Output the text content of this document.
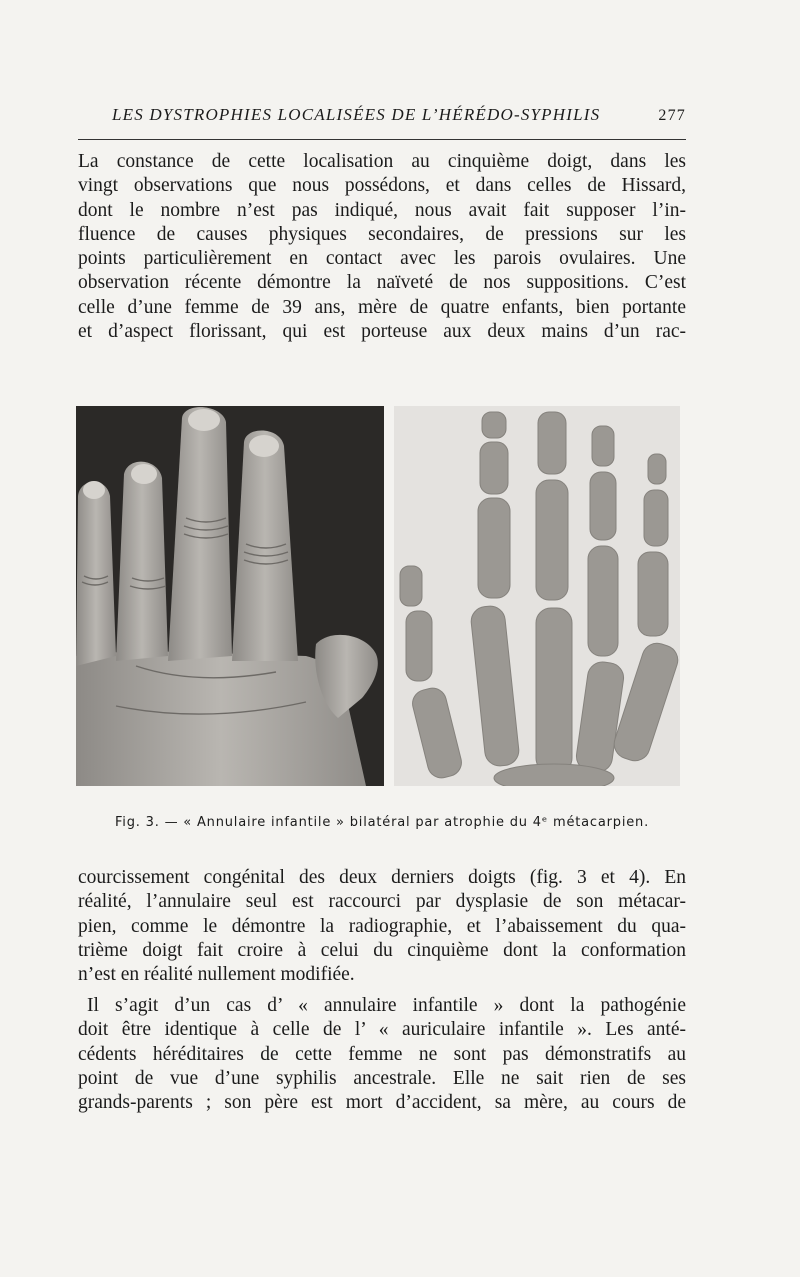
LES DYSTROPHIES LOCALISÉES DE L’HÉRÉDO-SYPHILIS	277
La constance de cette localisation au cinquième doigt, dans les
vingt observations que nous possédons, et dans celles de Hissard,
dont le nombre n’est pas indiqué, nous avait fait supposer l’in-
fluence de causes physiques secondaires, de pressions sur les
points particulièrement en contact avec les parois ovulaires. Une
observation récente démontre la naïveté de nos suppositions. C’est
celle d’une femme de 39 ans, mère de quatre enfants, bien portante
et d’aspect florissant, qui est porteuse aux deux mains d’un rac-
Fig. 3. — « Annulaire infantile » bilatéral par atrophie du 4ᵉ métacarpien.
courcissement congénital des deux derniers doigts (fig. 3 et 4). En
réalité, l’annulaire seul est raccourci par dysplasie de son métacar-
pien, comme le démontre la radiographie, et l’abaissement du qua-
trième doigt fait croire à celui du cinquième dont la conformation
n’est en réalité nullement modifiée.
Il s’agit d’un cas d’ « annulaire infantile » dont la pathogénie
doit être identique à celle de l’ « auriculaire infantile ». Les anté-
cédents héréditaires de cette femme ne sont pas démonstratifs au
point de vue d’une syphilis ancestrale. Elle ne sait rien de ses
grands-parents ; son père est mort d’accident, sa mère, au cours de
